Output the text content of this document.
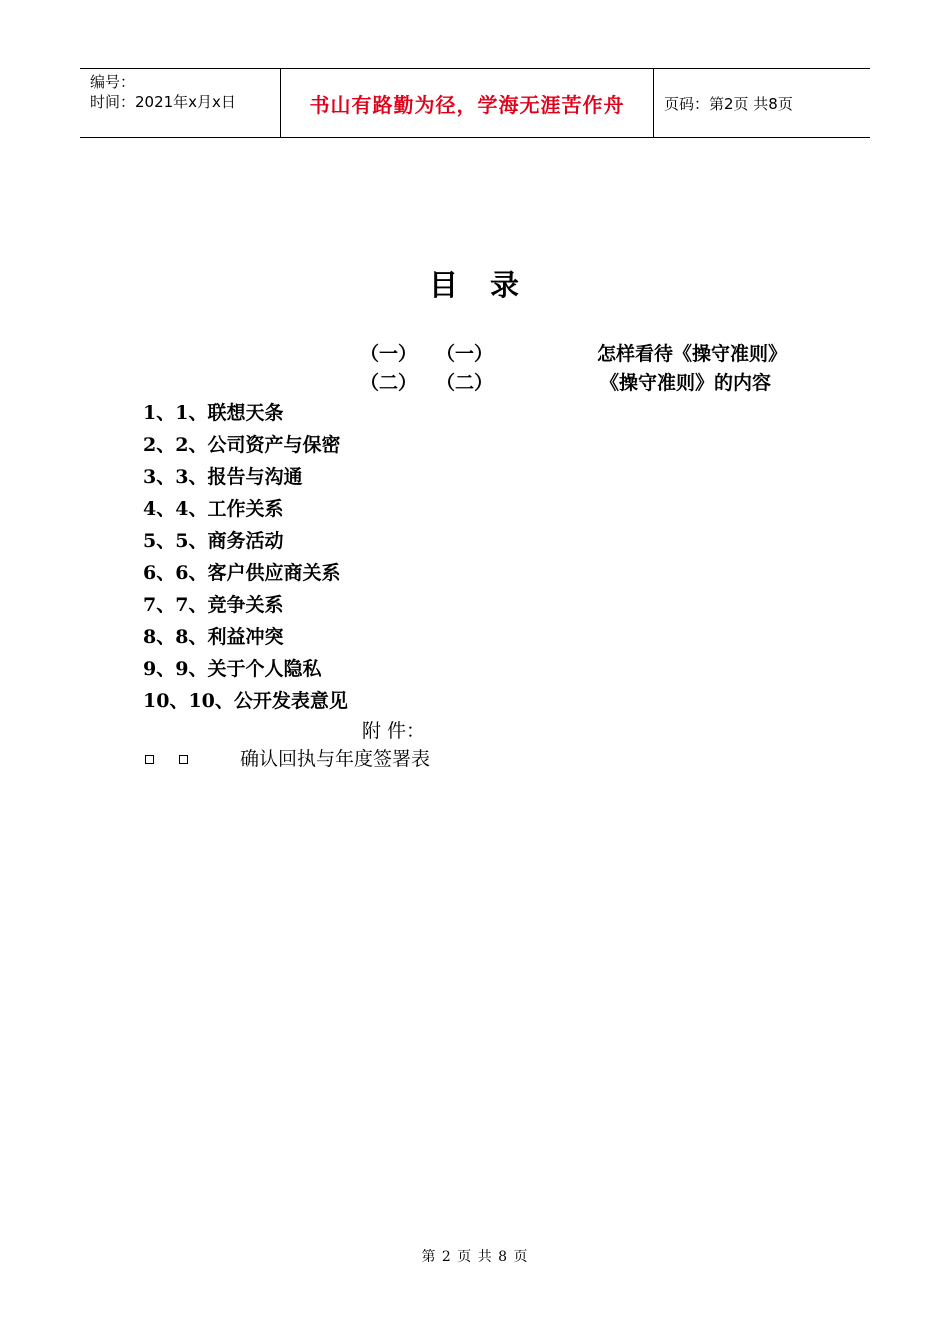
编号：
时间：2021年x月x日	书山有路勤为径，学海无涯苦作舟	页码：第2页 共8页
目 录
（一） （一）	怎样看待《操守准则》
（二） （二）	《操守准则》的内容
1、1、联想天条
2、2、公司资产与保密
3、3、报告与沟通
4、4、工作关系
5、5、商务活动
6、6、客户供应商关系
7、7、竞争关系
8、8、利益冲突
9、9、关于个人隐私
10、10、公开发表意见
附 件：
确认回执与年度签署表
第 2 页 共 8 页
